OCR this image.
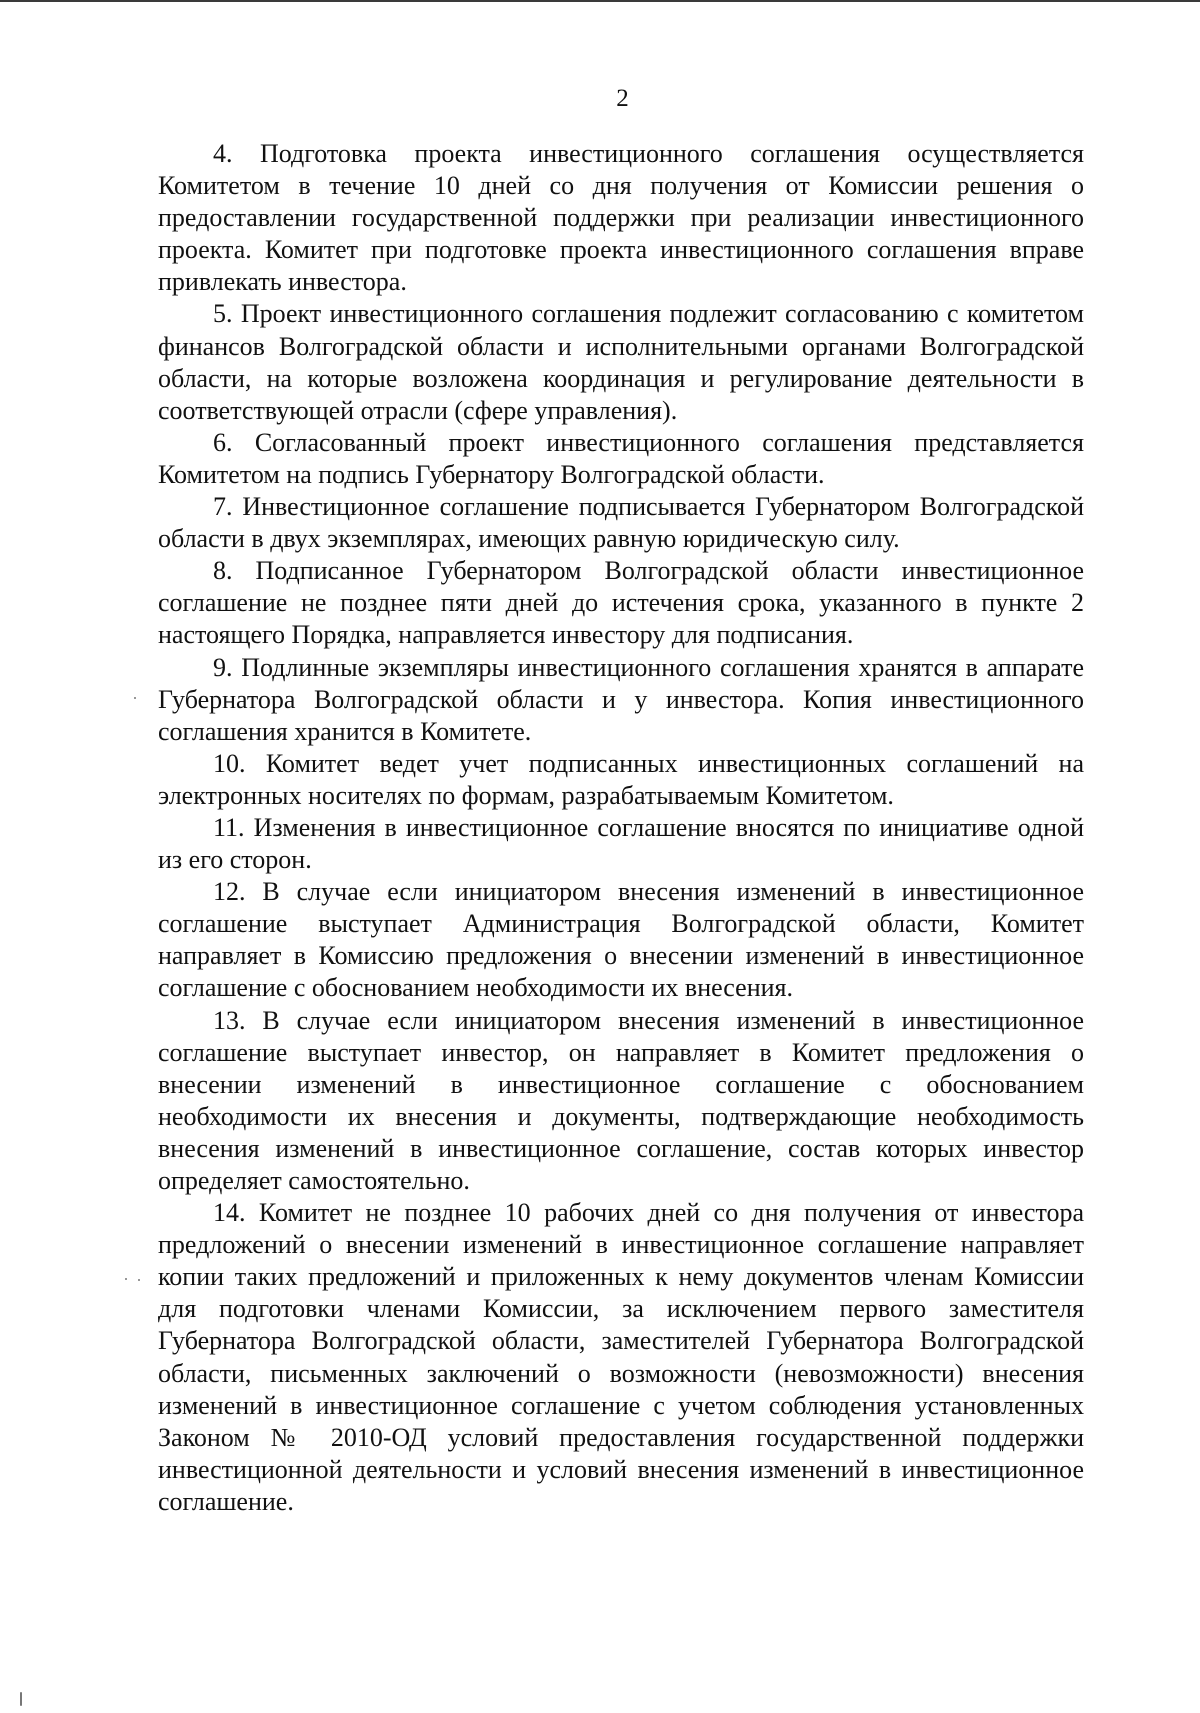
2

4. Подготовка проекта инвестиционного соглашения осуществляется Комитетом в течение 10 дней со дня получения от Комиссии решения о предоставлении государственной поддержки при реализации инвестиционного проекта. Комитет при подготовке проекта инвестиционного соглашения вправе привлекать инвестора.

5. Проект инвестиционного соглашения подлежит согласованию с комитетом финансов Волгоградской области и исполнительными органами Волгоградской области, на которые возложена координация и регулирование деятельности в соответствующей отрасли (сфере управления).

6. Согласованный проект инвестиционного соглашения представляется Комитетом на подпись Губернатору Волгоградской области.

7. Инвестиционное соглашение подписывается Губернатором Волгоградской области в двух экземплярах, имеющих равную юридическую силу.

8. Подписанное Губернатором Волгоградской области инвестиционное соглашение не позднее пяти дней до истечения срока, указанного в пункте 2 настоящего Порядка, направляется инвестору для подписания.

9. Подлинные экземпляры инвестиционного соглашения хранятся в аппарате Губернатора Волгоградской области и у инвестора. Копия инвестиционного соглашения хранится в Комитете.

10. Комитет ведет учет подписанных инвестиционных соглашений на электронных носителях по формам, разрабатываемым Комитетом.

11. Изменения в инвестиционное соглашение вносятся по инициативе одной из его сторон.

12. В случае если инициатором внесения изменений в инвестиционное соглашение выступает Администрация Волгоградской области, Комитет направляет в Комиссию предложения о внесении изменений в инвестиционное соглашение с обоснованием необходимости их внесения.

13. В случае если инициатором внесения изменений в инвестиционное соглашение выступает инвестор, он направляет в Комитет предложения о внесении изменений в инвестиционное соглашение с обоснованием необходимости их внесения и документы, подтверждающие необходимость внесения изменений в инвестиционное соглашение, состав которых инвестор определяет самостоятельно.

14. Комитет не позднее 10 рабочих дней со дня получения от инвестора предложений о внесении изменений в инвестиционное соглашение направляет копии таких предложений и приложенных к нему документов членам Комиссии для подготовки членами Комиссии, за исключением первого заместителя Губернатора Волгоградской области, заместителей Губернатора Волгоградской области, письменных заключений о возможности (невозможности) внесения изменений в инвестиционное соглашение с учетом соблюдения установленных Законом № 2010-ОД условий предоставления государственной поддержки инвестиционной деятельности и условий внесения изменений в инвестиционное соглашение.
